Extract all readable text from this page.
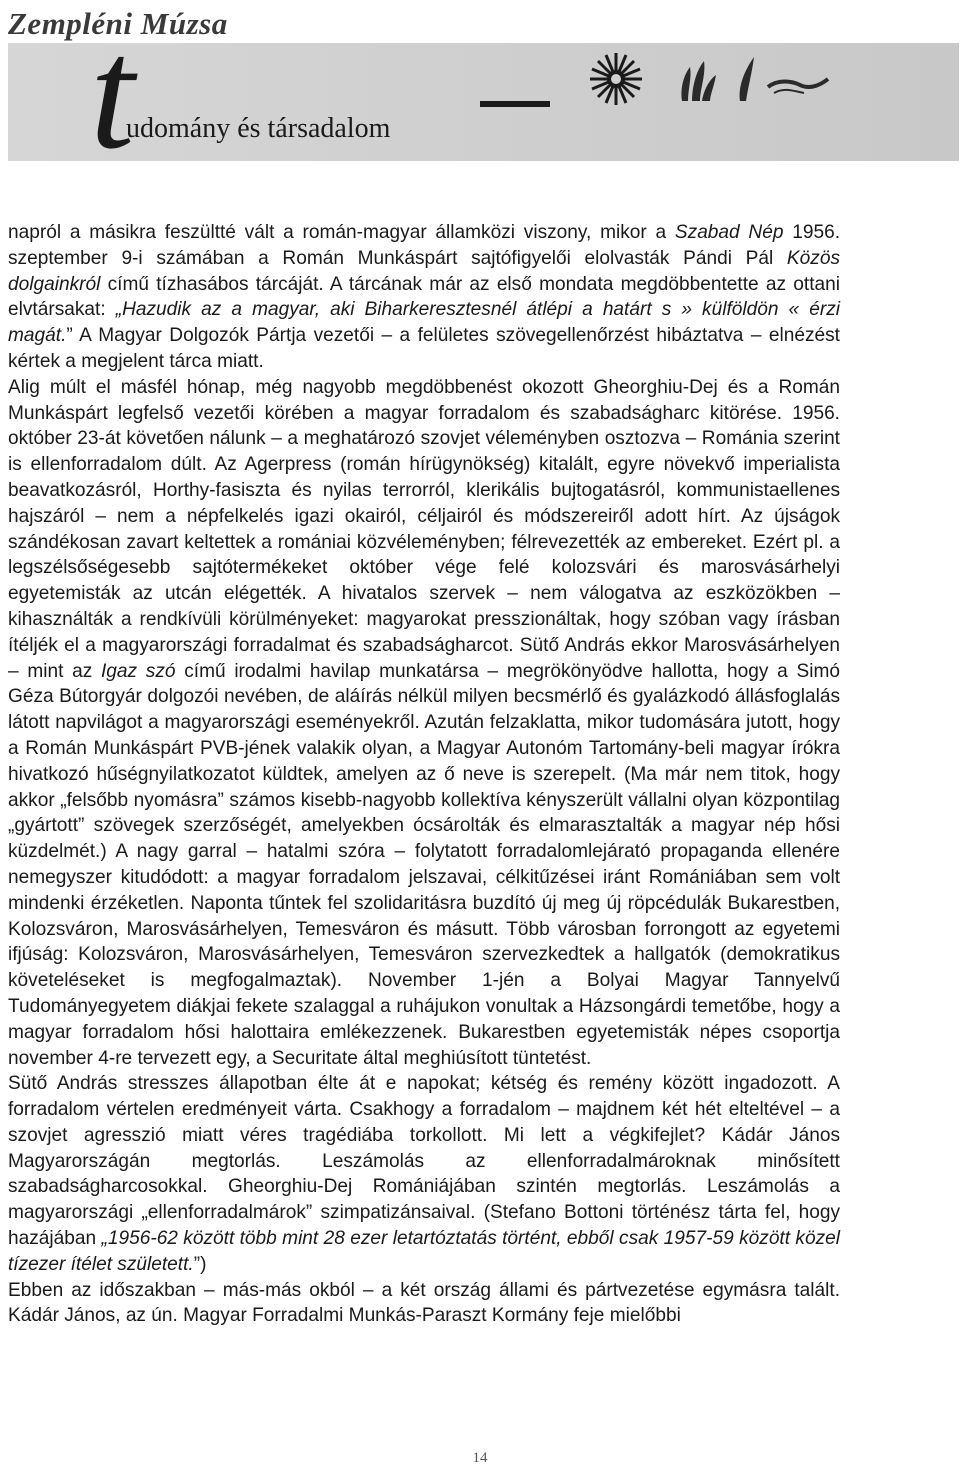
Zempléni Múzsa
t
udomány és társadalom

napról a másikra feszültté vált a román-magyar államközi viszony, mikor a Szabad Nép 1956. szeptember 9-i számában a Román Munkáspárt sajtófigyelői elolvasták Pándi Pál Közös dolgainkról című tízhasábos tárcáját. A tárcának már az első mondata megdöbbentette az ottani elvtársakat: „Hazudik az a magyar, aki Biharkeresztesnél átlépi a határt s » külföldön « érzi magát.” A Magyar Dolgozók Pártja vezetői – a felületes szövegellenőrzést hibáztatva – elnézést kértek a megjelent tárca miatt.

Alig múlt el másfél hónap, még nagyobb megdöbbenést okozott Gheorghiu-Dej és a Román Munkáspárt legfelső vezetői körében a magyar forradalom és szabadságharc kitörése. 1956. október 23-át követően nálunk – a meghatározó szovjet véleményben osztozva – Románia szerint is ellenforradalom dúlt. Az Agerpress (román hírügynökség) kitalált, egyre növekvő imperialista beavatkozásról, Horthy-fasiszta és nyilas terrorról, klerikális bujtogatásról, kommunistaellenes hajszáról – nem a népfelkelés igazi okairól, céljairól és módszereiről adott hírt. Az újságok szándékosan zavart keltettek a romániai közvéleményben; félrevezették az embereket. Ezért pl. a legszélsőségesebb sajtótermékeket október vége felé kolozsvári és marosvásárhelyi egyetemisták az utcán elégették. A hivatalos szervek – nem válogatva az eszközökben – kihasználták a rendkívüli körülményeket: magyarokat presszionáltak, hogy szóban vagy írásban ítéljék el a magyarországi forradalmat és szabadságharcot. Sütő András ekkor Marosvásárhelyen – mint az Igaz szó című irodalmi havilap munkatársa – megrökönyödve hallotta, hogy a Simó Géza Bútorgyár dolgozói nevében, de aláírás nélkül milyen becsmérlő és gyalázkodó állásfoglalás látott napvilágot a magyarországi eseményekről. Azután felzaklatta, mikor tudomására jutott, hogy a Román Munkáspárt PVB-jének valakik olyan, a Magyar Autonóm Tartomány-beli magyar írókra hivatkozó hűségnyilatkozatot küldtek, amelyen az ő neve is szerepelt. (Ma már nem titok, hogy akkor „felsőbb nyomásra” számos kisebb-nagyobb kollektíva kényszerült vállalni olyan központilag „gyártott” szövegek szerzőségét, amelyekben ócsárolták és elmarasztalták a magyar nép hősi küzdelmét.) A nagy garral – hatalmi szóra – folytatott forradalomlejárató propaganda ellenére nemegyszer kitudódott: a magyar forradalom jelszavai, célkitűzései iránt Romániában sem volt mindenki érzéketlen. Naponta tűntek fel szolidaritásra buzdító új meg új röpcédulák Bukarestben, Kolozsváron, Marosvásárhelyen, Temesváron és másutt. Több városban forrongott az egyetemi ifjúság: Kolozsváron, Marosvásárhelyen, Temesváron szervezkedtek a hallgatók (demokratikus követeléseket is megfogalmaztak). November 1-jén a Bolyai Magyar Tannyelvű Tudományegyetem diákjai fekete szalaggal a ruhájukon vonultak a Házsongárdi temetőbe, hogy a magyar forradalom hősi halottaira emlékezzenek. Bukarestben egyetemisták népes csoportja november 4-re tervezett egy, a Securitate által meghiúsított tüntetést.

Sütő András stresszes állapotban élte át e napokat; kétség és remény között ingadozott. A forradalom vértelen eredményeit várta. Csakhogy a forradalom – majdnem két hét elteltével – a szovjet agresszió miatt véres tragédiába torkollott. Mi lett a végkifejlet? Kádár János Magyarországán megtorlás. Leszámolás az ellenforradalmároknak minősített szabadságharcosokkal. Gheorghiu-Dej Romániájában szintén megtorlás. Leszámolás a magyarországi „ellenforradalmárok” szimpatizánsaival. (Stefano Bottoni történész tárta fel, hogy hazájában „1956-62 között több mint 28 ezer letartóztatás történt, ebből csak 1957-59 között közel tízezer ítélet született.”)

Ebben az időszakban – más-más okból – a két ország állami és pártvezetése egymásra talált. Kádár János, az ún. Magyar Forradalmi Munkás-Paraszt Kormány feje mielőbbi

14
